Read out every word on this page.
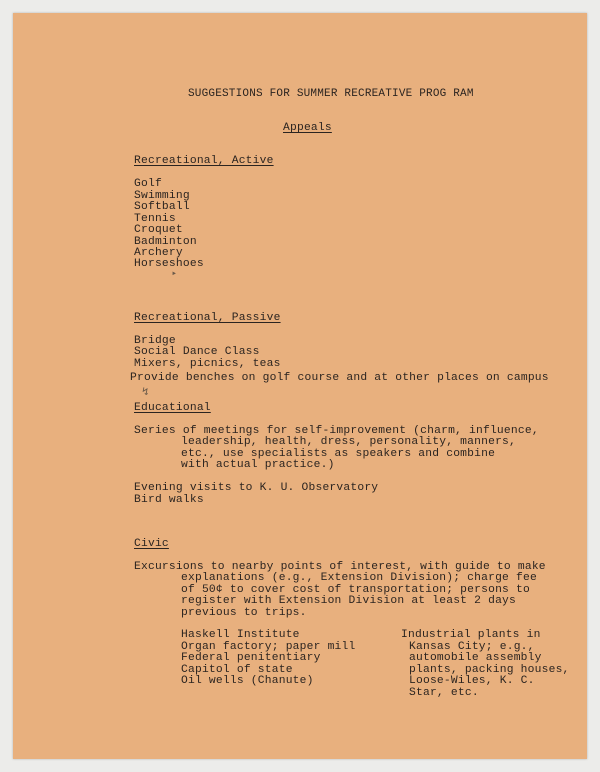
SUGGESTIONS FOR SUMMER RECREATIVE PROG RAM
Appeals
Recreational, Active
Golf
Swimming
Softball
Tennis
Croquet
Badminton
Archery
Horseshoes
‣
Recreational, Passive
Bridge
Social Dance Class
Mixers, picnics, teas
Provide benches on golf course and at other places on campus
↯
Educational
Series of meetings for self-improvement (charm, influence,
leadership, health, dress, personality, manners,
etc., use specialists as speakers and combine
with actual practice.)
Evening visits to K. U. Observatory
Bird walks
Civic
Excursions to nearby points of interest, with guide to make
explanations (e.g., Extension Division); charge fee
of 50¢ to cover cost of transportation; persons to
register with Extension Division at least 2 days
previous to trips.
Haskell Institute
Organ factory; paper mill
Federal penitentiary
Capitol of state
Oil wells (Chanute)
Industrial plants in
Kansas City; e.g.,
automobile assembly
plants, packing houses,
Loose-Wiles, K. C.
Star, etc.
